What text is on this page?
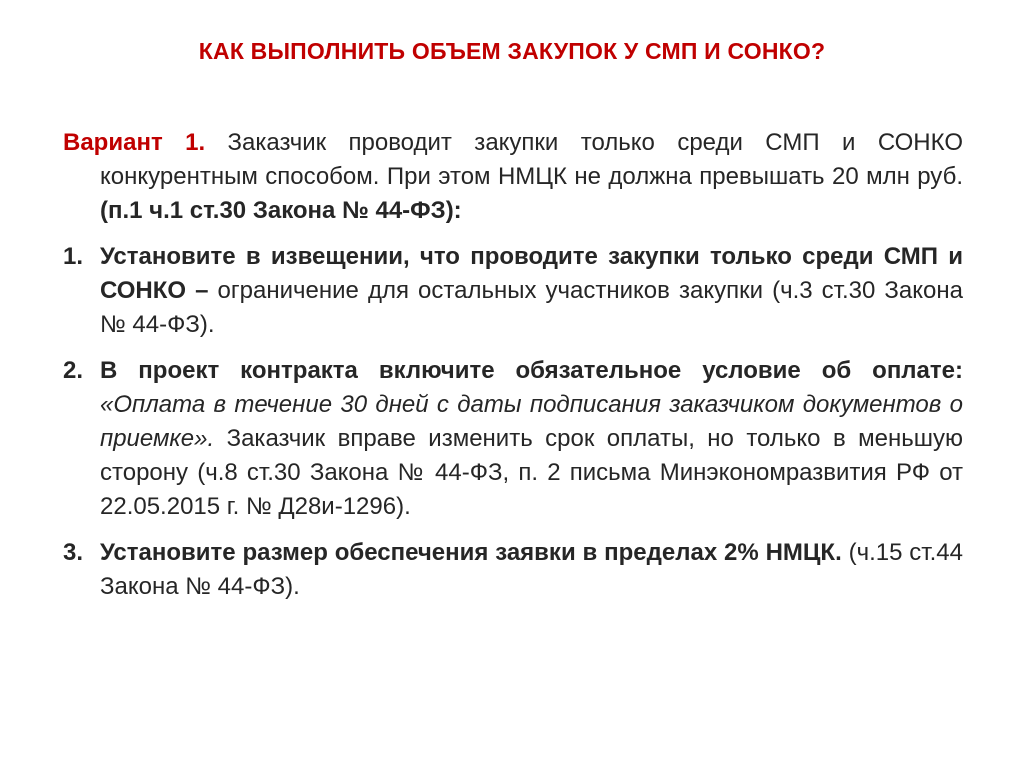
КАК ВЫПОЛНИТЬ ОБЪЕМ ЗАКУПОК У СМП И СОНКО?

Вариант 1. Заказчик проводит закупки только среди СМП и СОНКО конкурентным способом. При этом НМЦК не должна превышать 20 млн руб. (п.1 ч.1 ст.30 Закона № 44-ФЗ):

1. Установите в извещении, что проводите закупки только среди СМП и СОНКО – ограничение для остальных участников закупки (ч.3 ст.30 Закона № 44-ФЗ).

2. В проект контракта включите обязательное условие об оплате: «Оплата в течение 30 дней с даты подписания заказчиком документов о приемке». Заказчик вправе изменить срок оплаты, но только в меньшую сторону (ч.8 ст.30 Закона № 44-ФЗ, п. 2 письма Минэкономразвития РФ от 22.05.2015 г. № Д28и-1296).

3. Установите размер обеспечения заявки в пределах 2% НМЦК. (ч.15 ст.44 Закона № 44-ФЗ).
